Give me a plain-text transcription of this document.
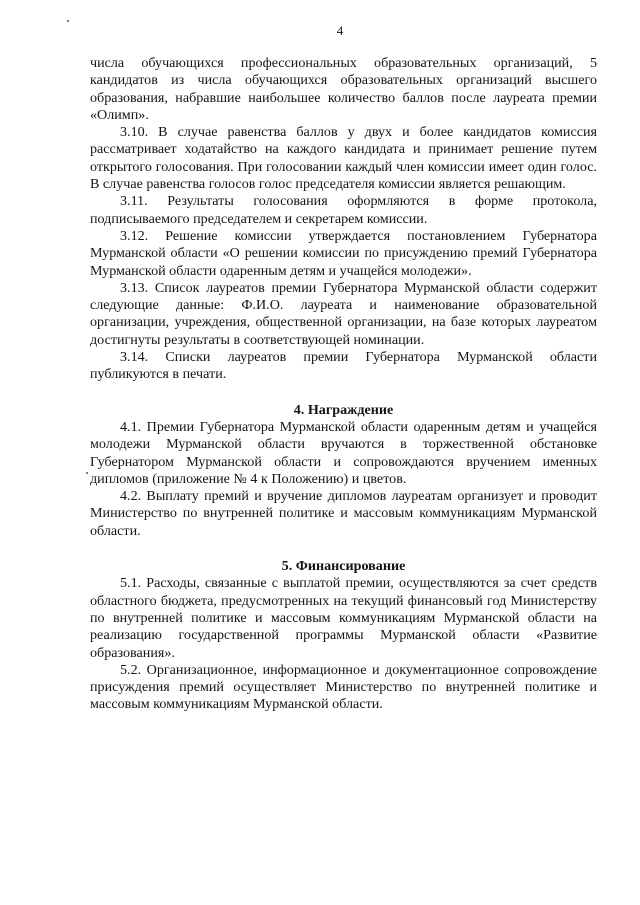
4

числа обучающихся профессиональных образовательных организаций, 5 кандидатов из числа обучающихся образовательных организаций высшего образования, набравшие наибольшее количество баллов после лауреата премии «Олимп».

3.10. В случае равенства баллов у двух и более кандидатов комиссия рассматривает ходатайство на каждого кандидата и принимает решение путем открытого голосования. При голосовании каждый член комиссии имеет один голос. В случае равенства голосов голос председателя комиссии является решающим.

3.11. Результаты голосования оформляются в форме протокола, подписываемого председателем и секретарем комиссии.

3.12. Решение комиссии утверждается постановлением Губернатора Мурманской области «О решении комиссии по присуждению премий Губернатора Мурманской области одаренным детям и учащейся молодежи».

3.13. Список лауреатов премии Губернатора Мурманской области содержит следующие данные: Ф.И.О. лауреата и наименование образовательной организации, учреждения, общественной организации, на базе которых лауреатом достигнуты результаты в соответствующей номинации.

3.14. Списки лауреатов премии Губернатора Мурманской области публикуются в печати.

4. Награждение

4.1. Премии Губернатора Мурманской области одаренным детям и учащейся молодежи Мурманской области вручаются в торжественной обстановке Губернатором Мурманской области и сопровождаются вручением именных дипломов (приложение № 4 к Положению) и цветов.

4.2. Выплату премий и вручение дипломов лауреатам организует и проводит Министерство по внутренней политике и массовым коммуникациям Мурманской области.

5. Финансирование

5.1. Расходы, связанные с выплатой премии, осуществляются за счет средств областного бюджета, предусмотренных на текущий финансовый год Министерству по внутренней политике и массовым коммуникациям Мурманской области на реализацию государственной программы Мурманской области «Развитие образования».

5.2. Организационное, информационное и документационное сопровождение присуждения премий осуществляет Министерство по внутренней политике и массовым коммуникациям Мурманской области.
